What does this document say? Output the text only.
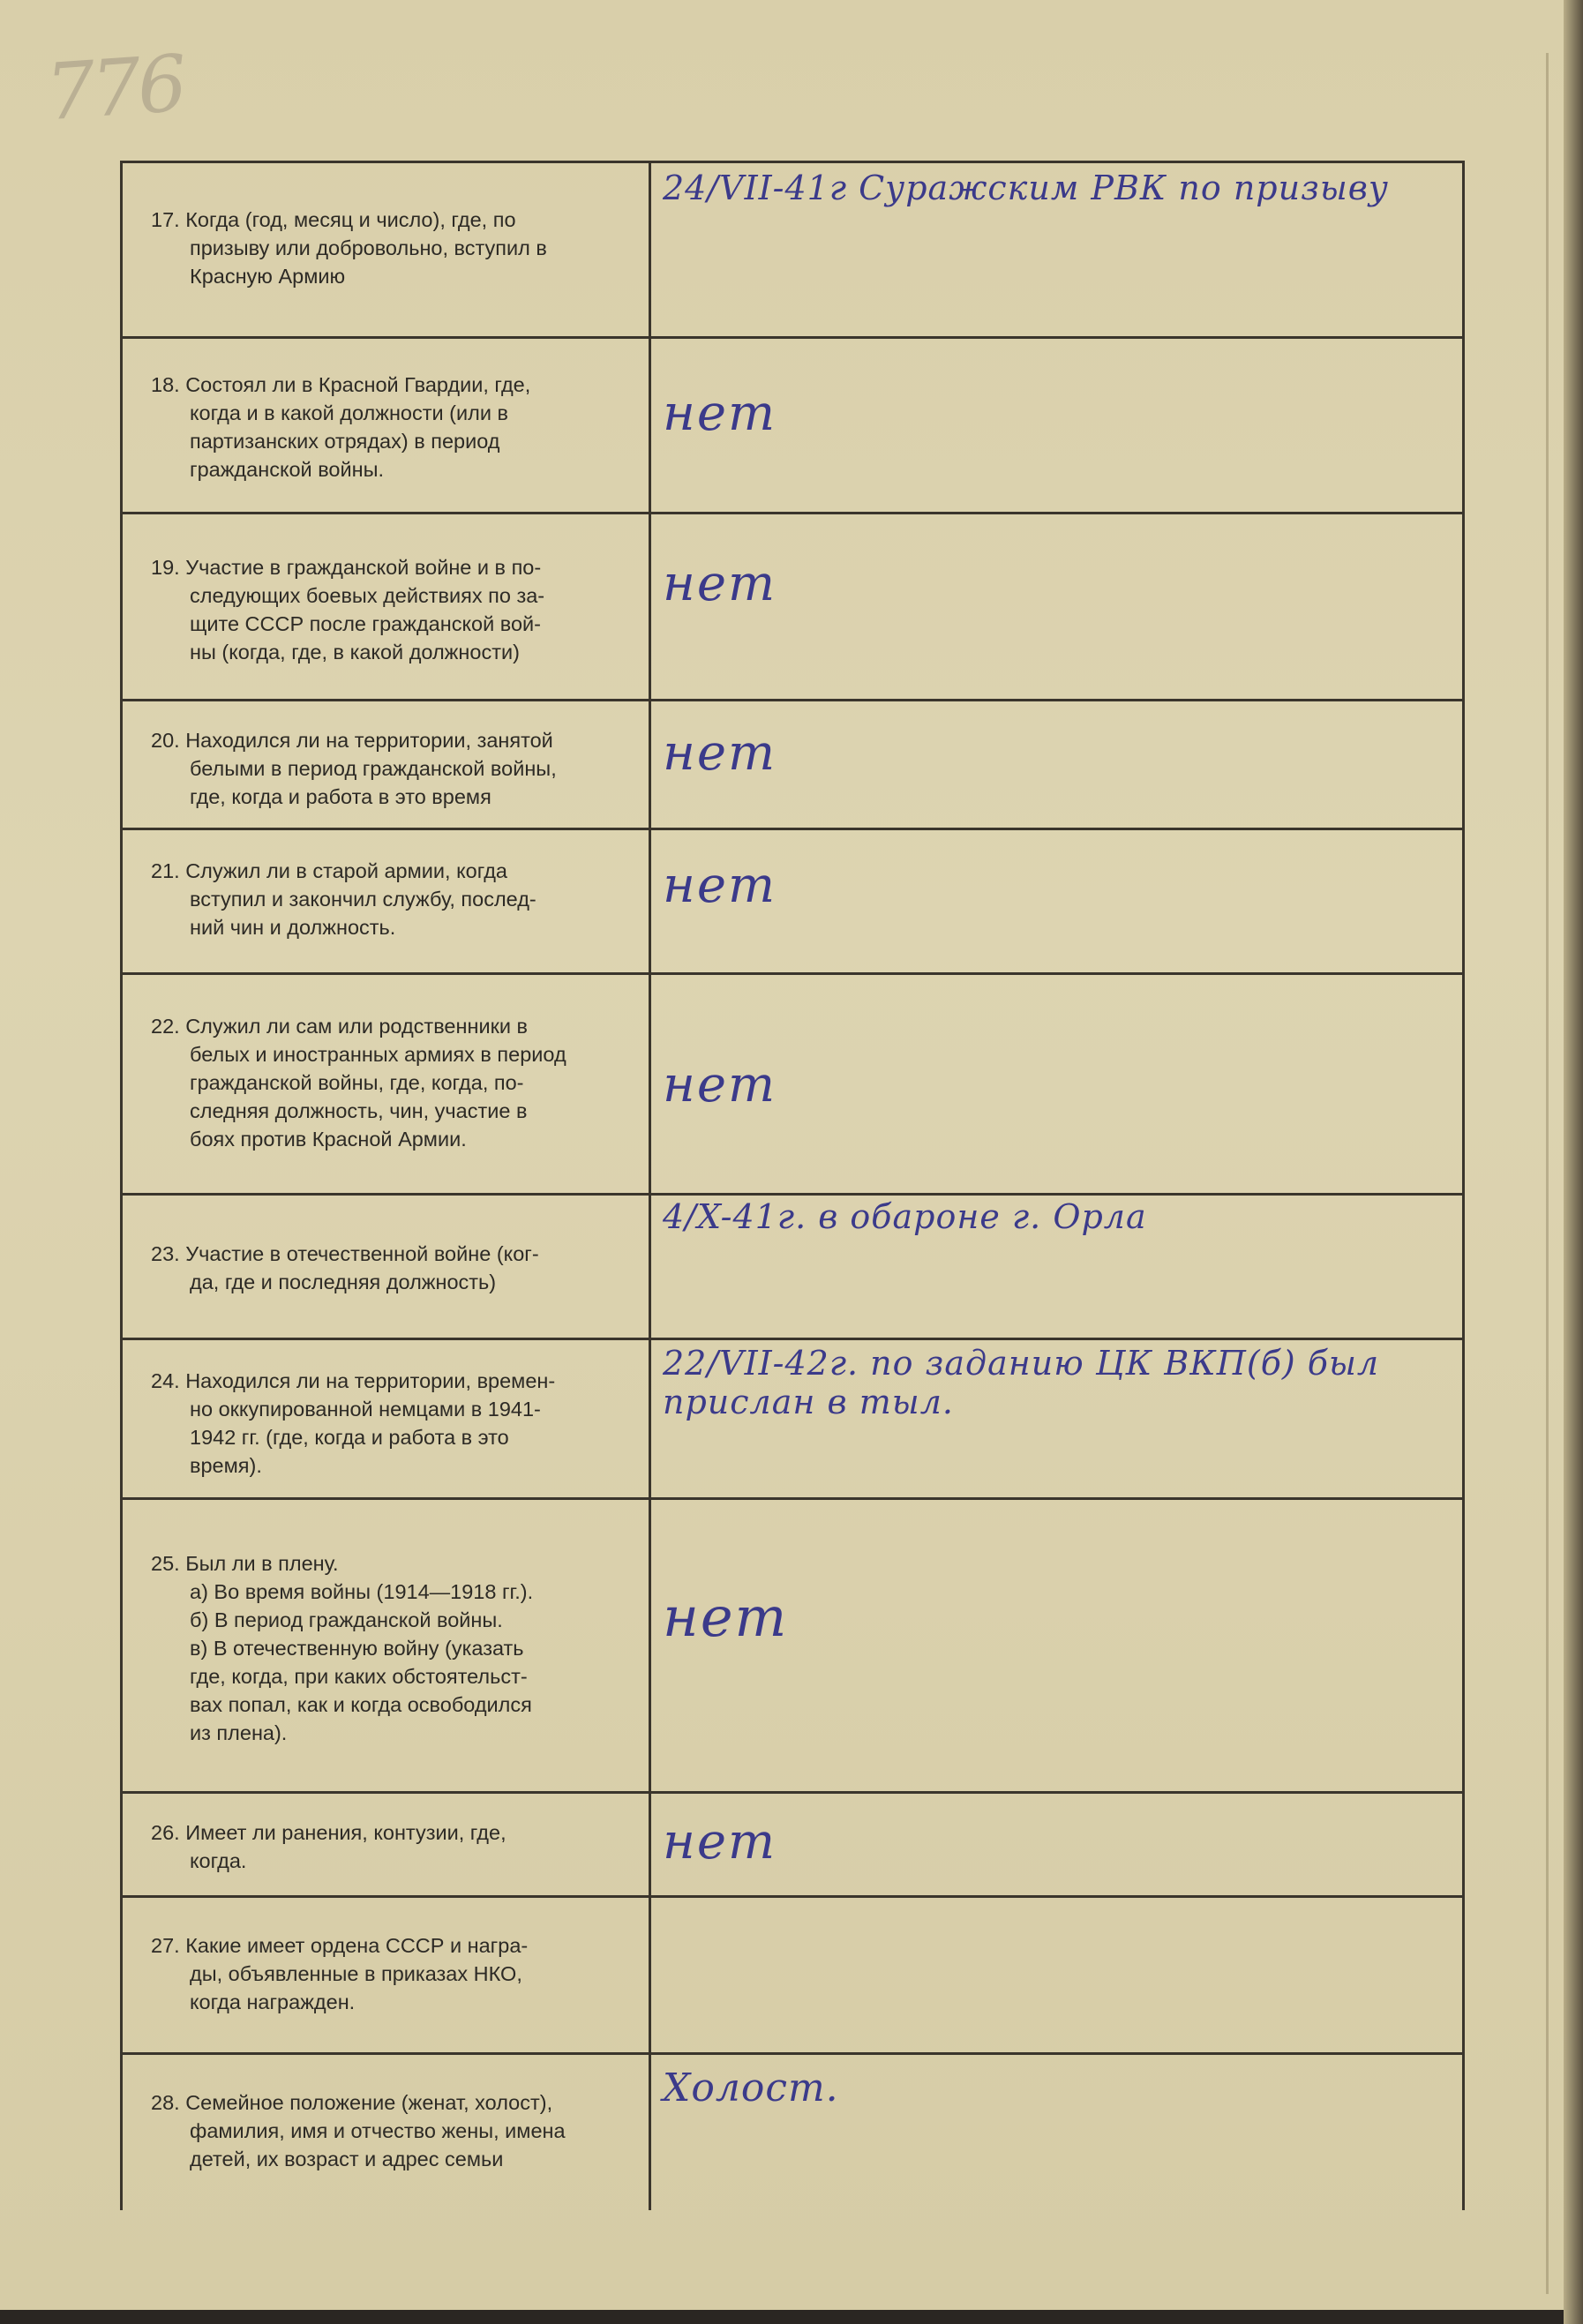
776
17. Когда (год, месяц и число), где, по
призыву или добровольно, вступил в
Красную Армию
24/VII-41г Суражским РВК по призыву
18. Состоял ли в Красной Гвардии, где,
когда и в какой должности (или в
партизанских отрядах) в период
гражданской войны.
нет
19. Участие в гражданской войне и в по-
следующих боевых действиях по за-
щите СССР после гражданской вой-
ны (когда, где, в какой должности)
нет
20. Находился ли на территории, занятой
белыми в период гражданской войны,
где, когда и работа в это время
нет
21. Служил ли в старой армии, когда
вступил и закончил службу, послед-
ний чин и должность.
нет
22. Служил ли сам или родственники в
белых и иностранных армиях в период
гражданской войны, где, когда, по-
следняя должность, чин, участие в
боях против Красной Армии.
нет
23. Участие в отечественной войне (ког-
да, где и последняя должность)
4/X-41г. в обароне г. Орла
24. Находился ли на территории, времен-
но оккупированной немцами в 1941-
1942 гг. (где, когда и работа в это
время).
22/VII-42г. по заданию ЦК ВКП(б) был
прислан в тыл.
25. Был ли в плену.
а) Во время войны (1914—1918 гг.).
б) В период гражданской войны.
в) В отечественную войну (указать
где, когда, при каких обстоятельст-
вах попал, как и когда освободился
из плена).
нет
26. Имеет ли ранения, контузии, где,
когда.	нет
27. Какие имеет ордена СССР и награ-
ды, объявленные в приказах НКО,
когда награжден.
28. Семейное положение (женат, холост),
фамилия, имя и отчество жены, имена
детей, их возраст и адрес семьи
Холост.
